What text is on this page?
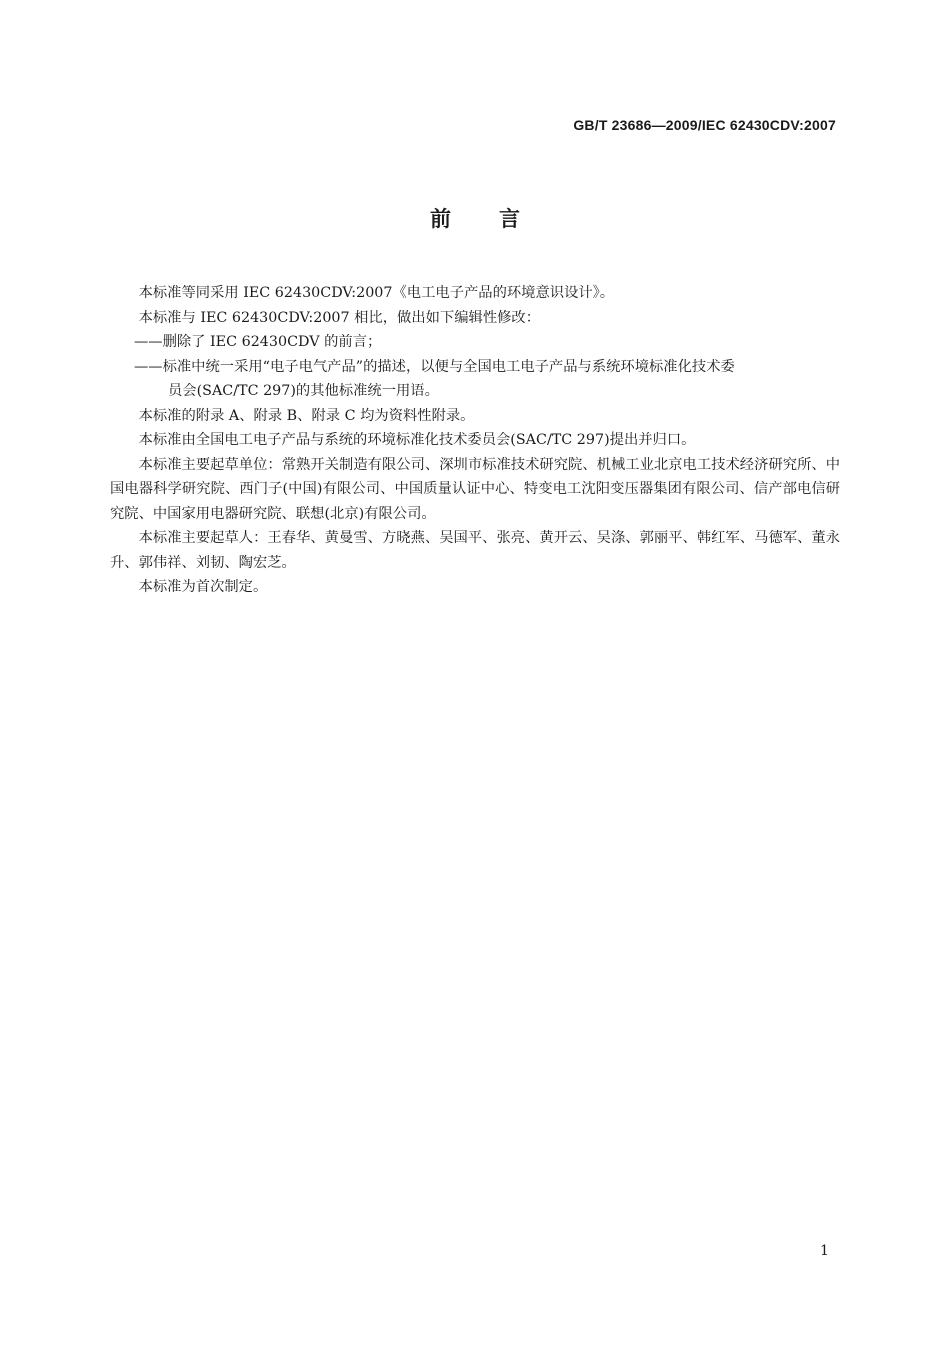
GB/T 23686—2009/IEC 62430CDV:2007
前言

本标准等同采用 IEC 62430CDV:2007《电工电子产品的环境意识设计》。

本标准与 IEC 62430CDV:2007 相比，做出如下编辑性修改：

——删除了 IEC 62430CDV 的前言；

——标准中统一采用“电子电气产品”的描述，以便与全国电工电子产品与系统环境标准化技术委
员会(SAC/TC 297)的其他标准统一用语。

本标准的附录 A、附录 B、附录 C 均为资料性附录。

本标准由全国电工电子产品与系统的环境标准化技术委员会(SAC/TC 297)提出并归口。

本标准主要起草单位：常熟开关制造有限公司、深圳市标准技术研究院、机械工业北京电工技术经济研究所、中国电器科学研究院、西门子(中国)有限公司、中国质量认证中心、特变电工沈阳变压器集团有限公司、信产部电信研究院、中国家用电器研究院、联想(北京)有限公司。

本标准主要起草人：王春华、黄曼雪、方晓燕、吴国平、张亮、黄开云、吴涤、郭丽平、韩红军、马德军、董永升、郭伟祥、刘韧、陶宏芝。

本标准为首次制定。

1
